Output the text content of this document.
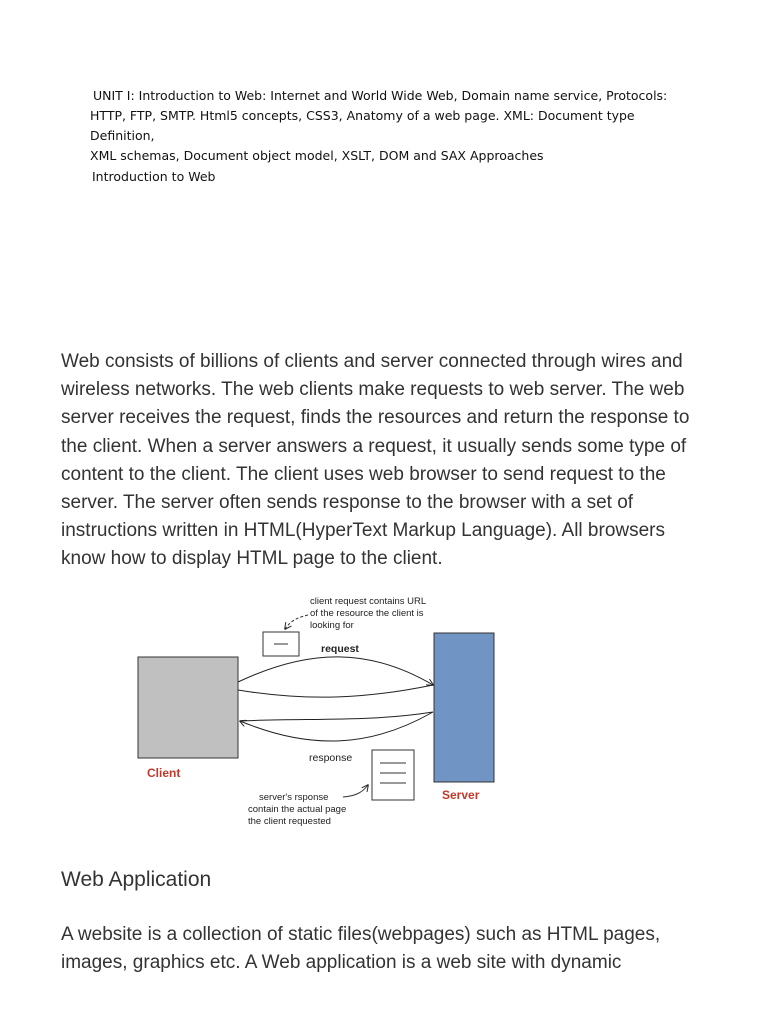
UNIT I: Introduction to Web: Internet and World Wide Web, Domain name service, Protocols:

HTTP, FTP, SMTP. Html5 concepts, CSS3, Anatomy of a web page. XML: Document type Definition,

XML schemas, Document object model, XSLT, DOM and SAX Approaches

Introduction to Web

Web consists of billions of clients and server connected through wires and wireless networks. The web clients make requests to web server. The web server receives the request, finds the resources and return the response to the client. When a server answers a request, it usually sends some type of content to the client. The client uses web browser to send request to the server. The server often sends response to the browser with a set of instructions written in HTML(HyperText Markup Language). All browsers know how to display HTML page to the client.

client request contains URL of the resource the client is looking for
request
response
Client
Server
server's rsponse contain the actual page the client requested
Web Application

A website is a collection of static files(webpages) such as HTML pages, images, graphics etc. A Web application is a web site with dynamic
